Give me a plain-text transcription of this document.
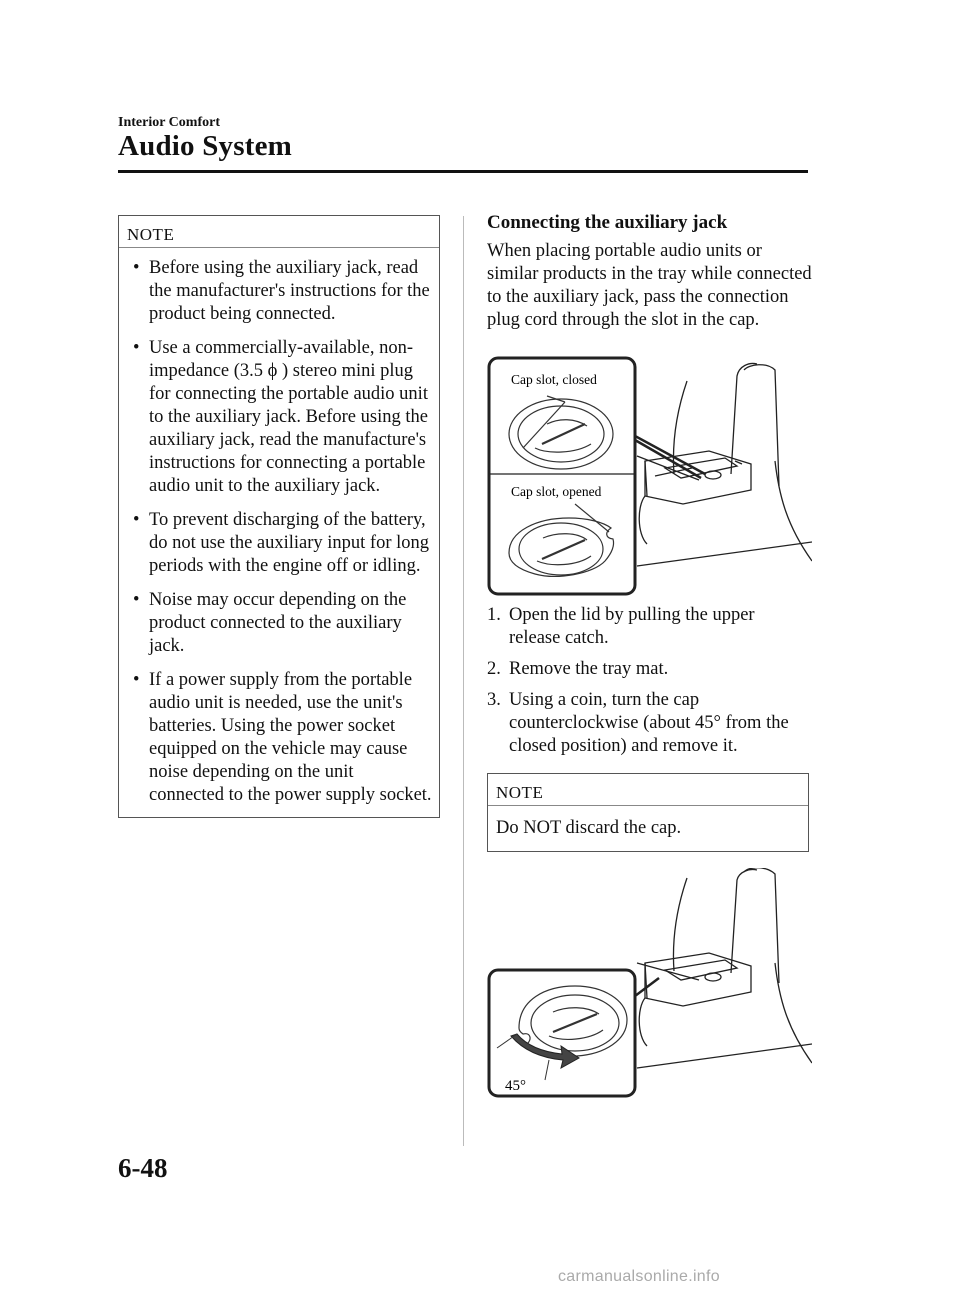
Interior Comfort
Audio System
NOTE
• Before using the auxiliary jack, read the manufacturer's instructions for the product being connected.
• Use a commercially-available, non-impedance (3.5 ϕ ) stereo mini plug for connecting the portable audio unit to the auxiliary jack. Before using the auxiliary jack, read the manufacture's instructions for connecting a portable audio unit to the auxiliary jack.
• To prevent discharging of the battery, do not use the auxiliary input for long periods with the engine off or idling.
• Noise may occur depending on the product connected to the auxiliary jack.
• If a power supply from the portable audio unit is needed, use the unit's batteries. Using the power socket equipped on the vehicle may cause noise depending on the unit connected to the power supply socket.
Connecting the auxiliary jack
When placing portable audio units or similar products in the tray while connected to the auxiliary jack, pass the connection plug cord through the slot in the cap.
Cap slot, closed
Cap slot, opened
1. Open the lid by pulling the upper
release catch.
2. Remove the tray mat.
3. Using a coin, turn the cap
counterclockwise (about 45° from the closed position) and remove it.
NOTE
Do NOT discard the cap.
45°
6-48
carmanualsonline.info
